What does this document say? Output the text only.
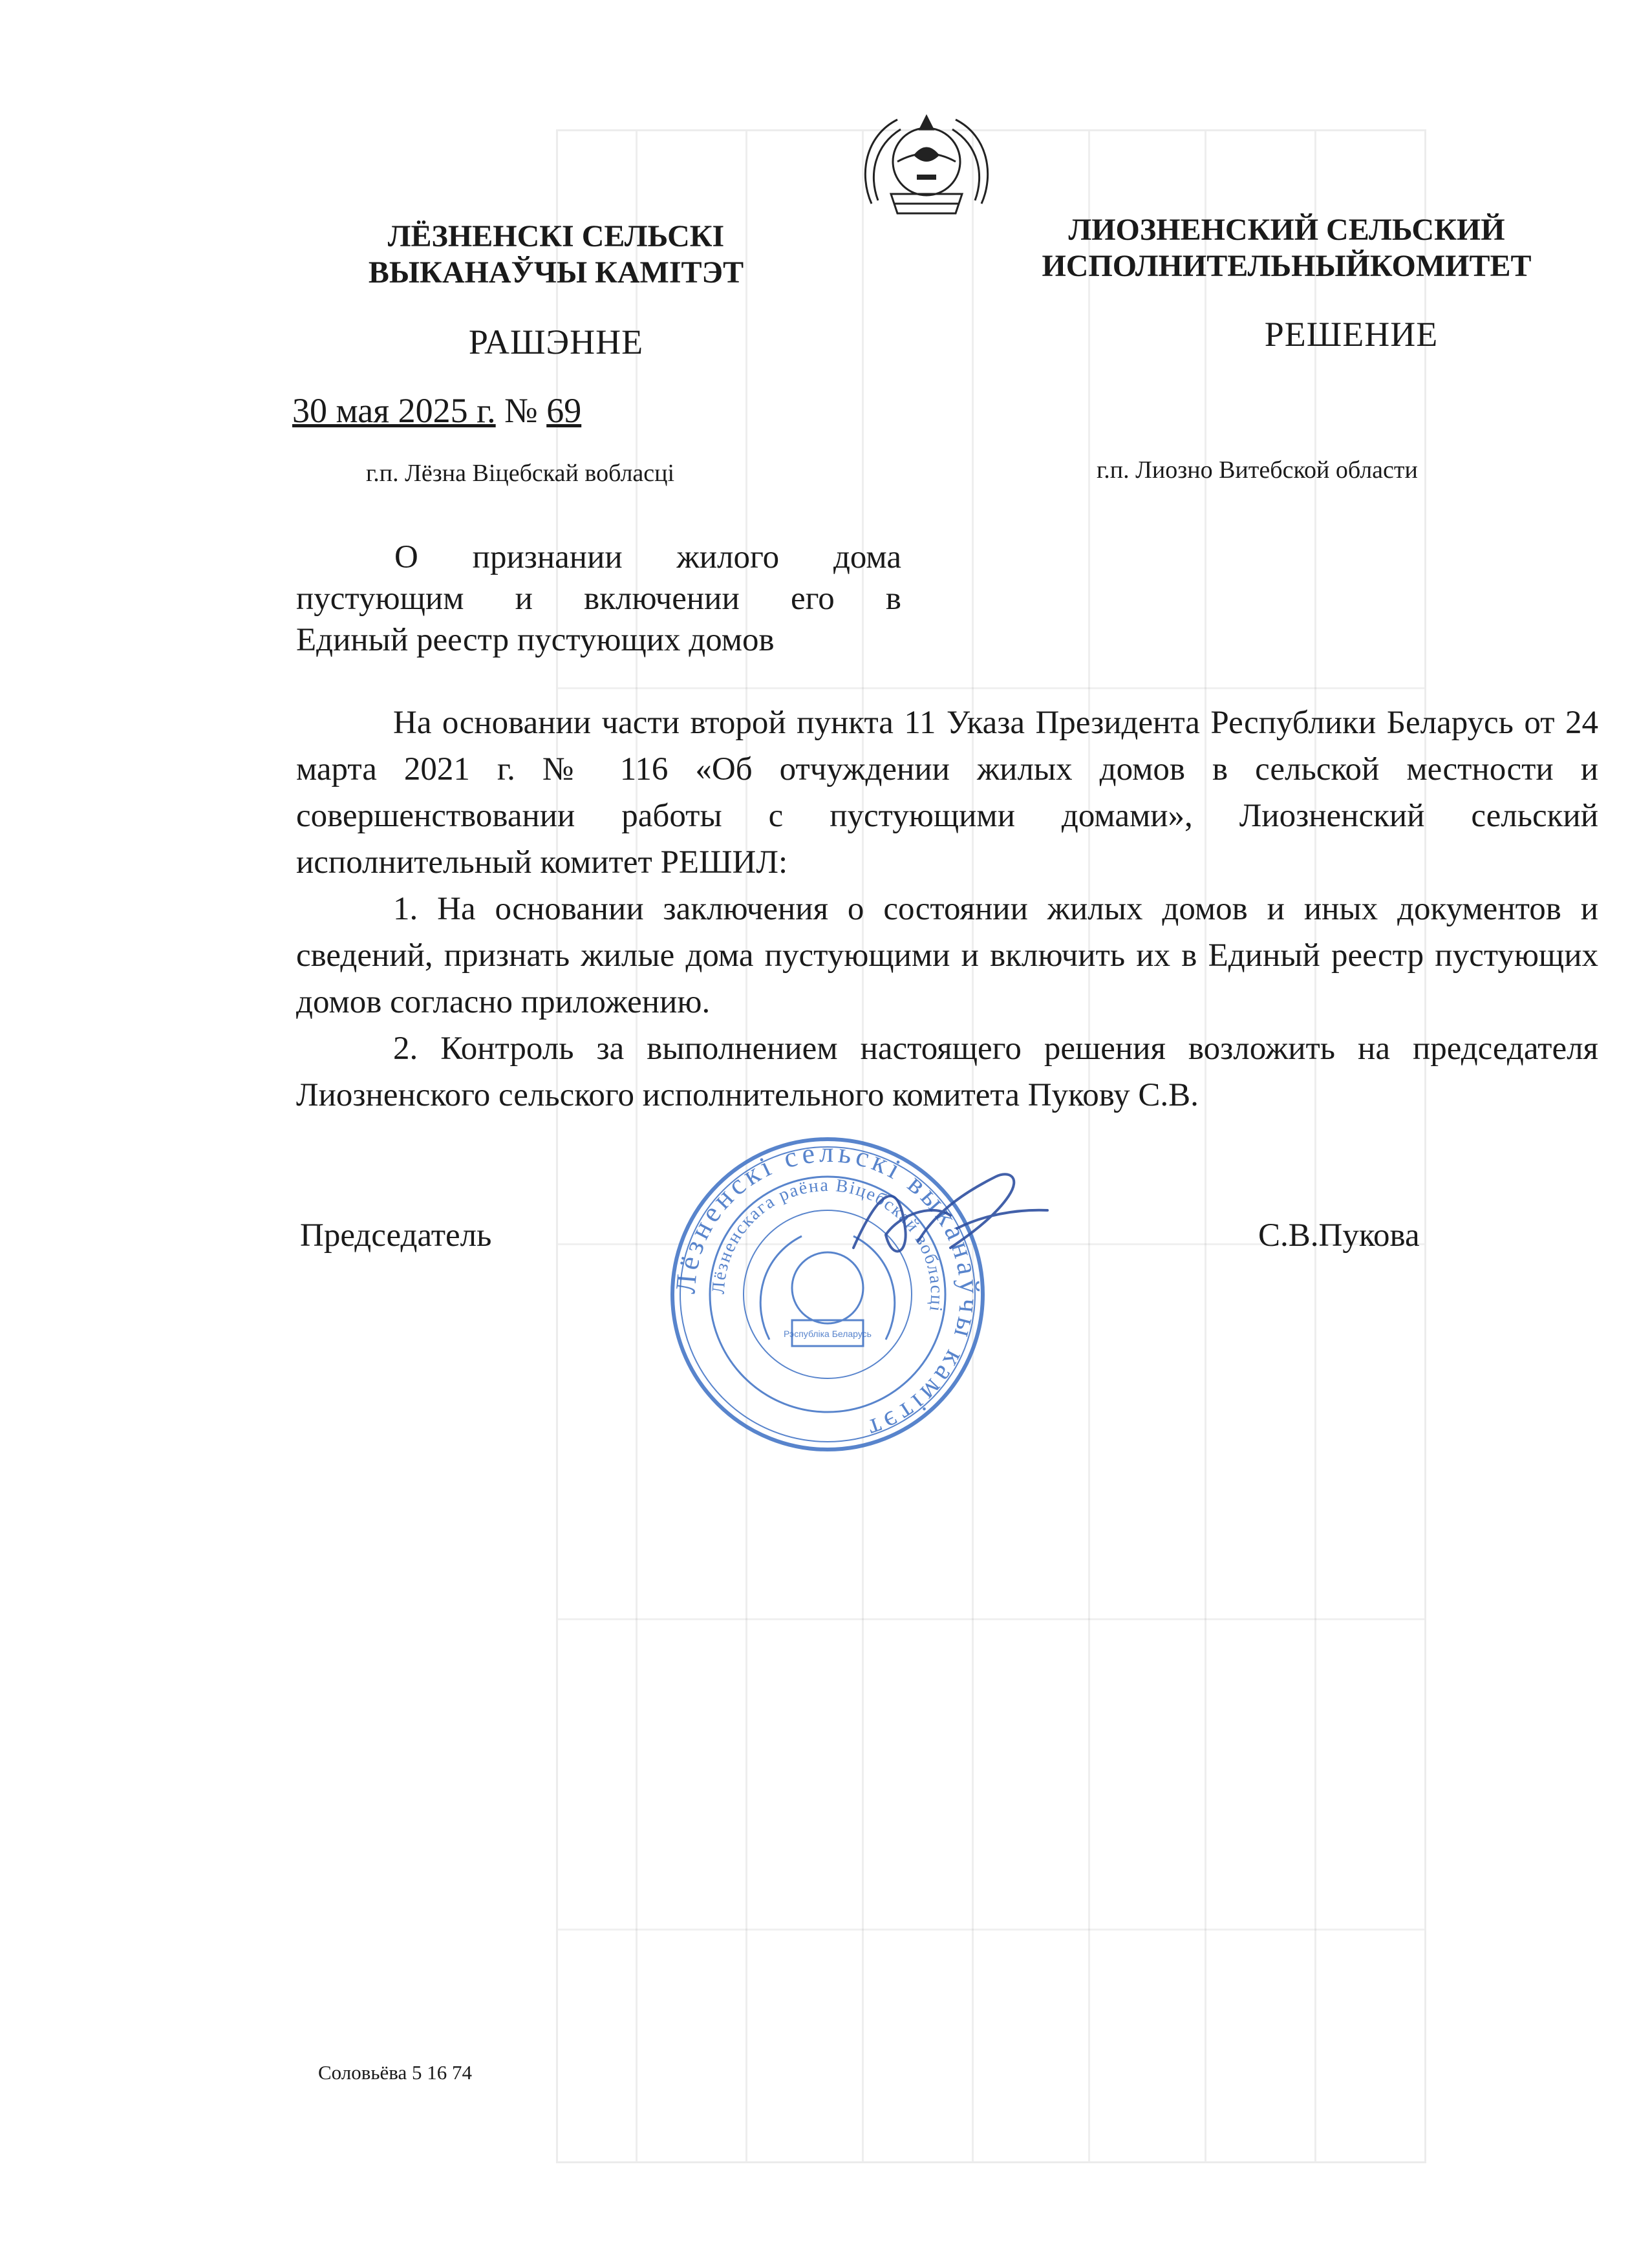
ЛЁЗНЕНСКІ СЕЛЬСКІ
ВЫКАНАЎЧЫ КАМІТЭТ
ЛИОЗНЕНСКИЙ СЕЛЬСКИЙ
ИСПОЛНИТЕЛЬНЫЙКОМИТЕТ
РАШЭННЕ	РЕШЕНИЕ
30 мая 2025 г. № 69
г.п. Лёзна Віцебскай вобласці	г.п. Лиозно Витебской области

О признании жилого дома

пустующим и включении его в

Единый реестр пустующих домов

На основании части второй пункта 11 Указа Президента Республики Беларусь от 24 марта 2021 г. № 116 «Об отчуждении жилых домов в сельской местности и совершенствовании работы с пустующими домами», Лиозненский сельский исполнительный комитет РЕШИЛ:

1. На основании заключения о состоянии жилых домов и иных документов и сведений, признать жилые дома пустующими и включить их в Единый реестр пустующих домов согласно приложению.

2. Контроль за выполнением настоящего решения возложить на председателя Лиозненского сельского исполнительного комитета Пукову С.В.

Председатель	С.В.Пукова
Лёзненскі сельскі выканаўчы камітэт
Лёзненскага раёна Віцебскай вобласці
Рэспубліка Беларусь
Соловьёва 5 16 74
